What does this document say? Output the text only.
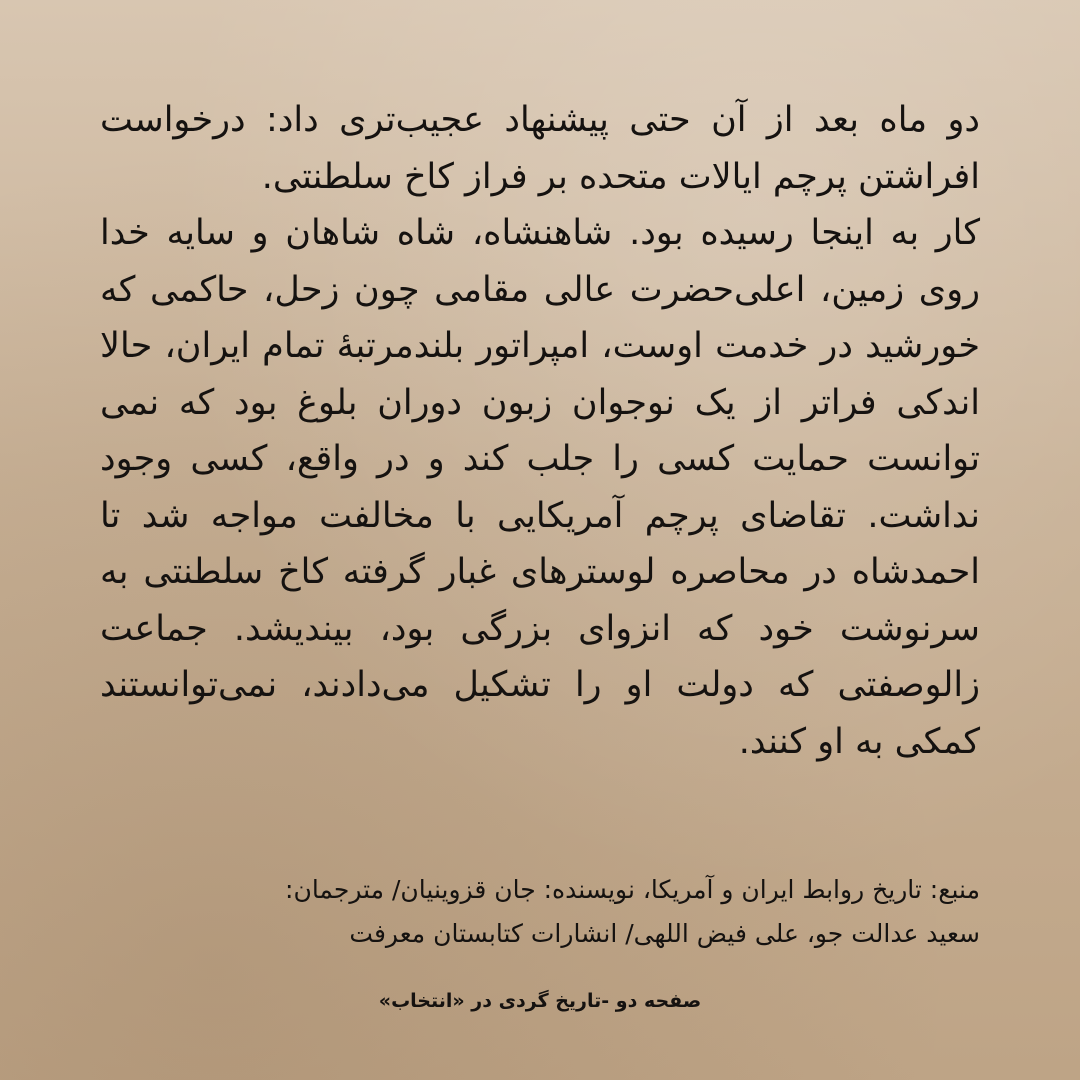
دو ماه بعد از آن حتی پیشنهاد عجیب‌تری داد: درخواست افراشتن پرچم ایالات متحده بر فراز کاخ سلطنتی.
کار به اینجا رسیده بود. شاهنشاه، شاه شاهان و سایه خدا روی زمین، اعلی‌حضرت عالی مقامی چون زحل، حاکمی که خورشید در خدمت اوست، امپراتور بلندمرتبهٔ تمام ایران، حالا اندکی فراتر از یک نوجوان زبون دوران بلوغ بود که نمی توانست حمایت کسی را جلب کند و در واقع، کسی وجود نداشت. تقاضای پرچم آمریکایی با مخالفت مواجه شد تا احمدشاه در محاصره لوسترهای غبار گرفته کاخ سلطنتی به سرنوشت خود که انزوای بزرگی بود، بیندیشد. جماعت زالوصفتی که دولت او را تشکیل می‌دادند، نمی‌توانستند کمکی به او کنند.
منبع: تاریخ روابط ایران و آمریکا، نویسنده: جان قزوینیان/ مترجمان:
سعید عدالت جو، علی فیض اللهی/ انشارات کتابستان معرفت
صفحه دو -تاریخ گردی در «انتخاب»
